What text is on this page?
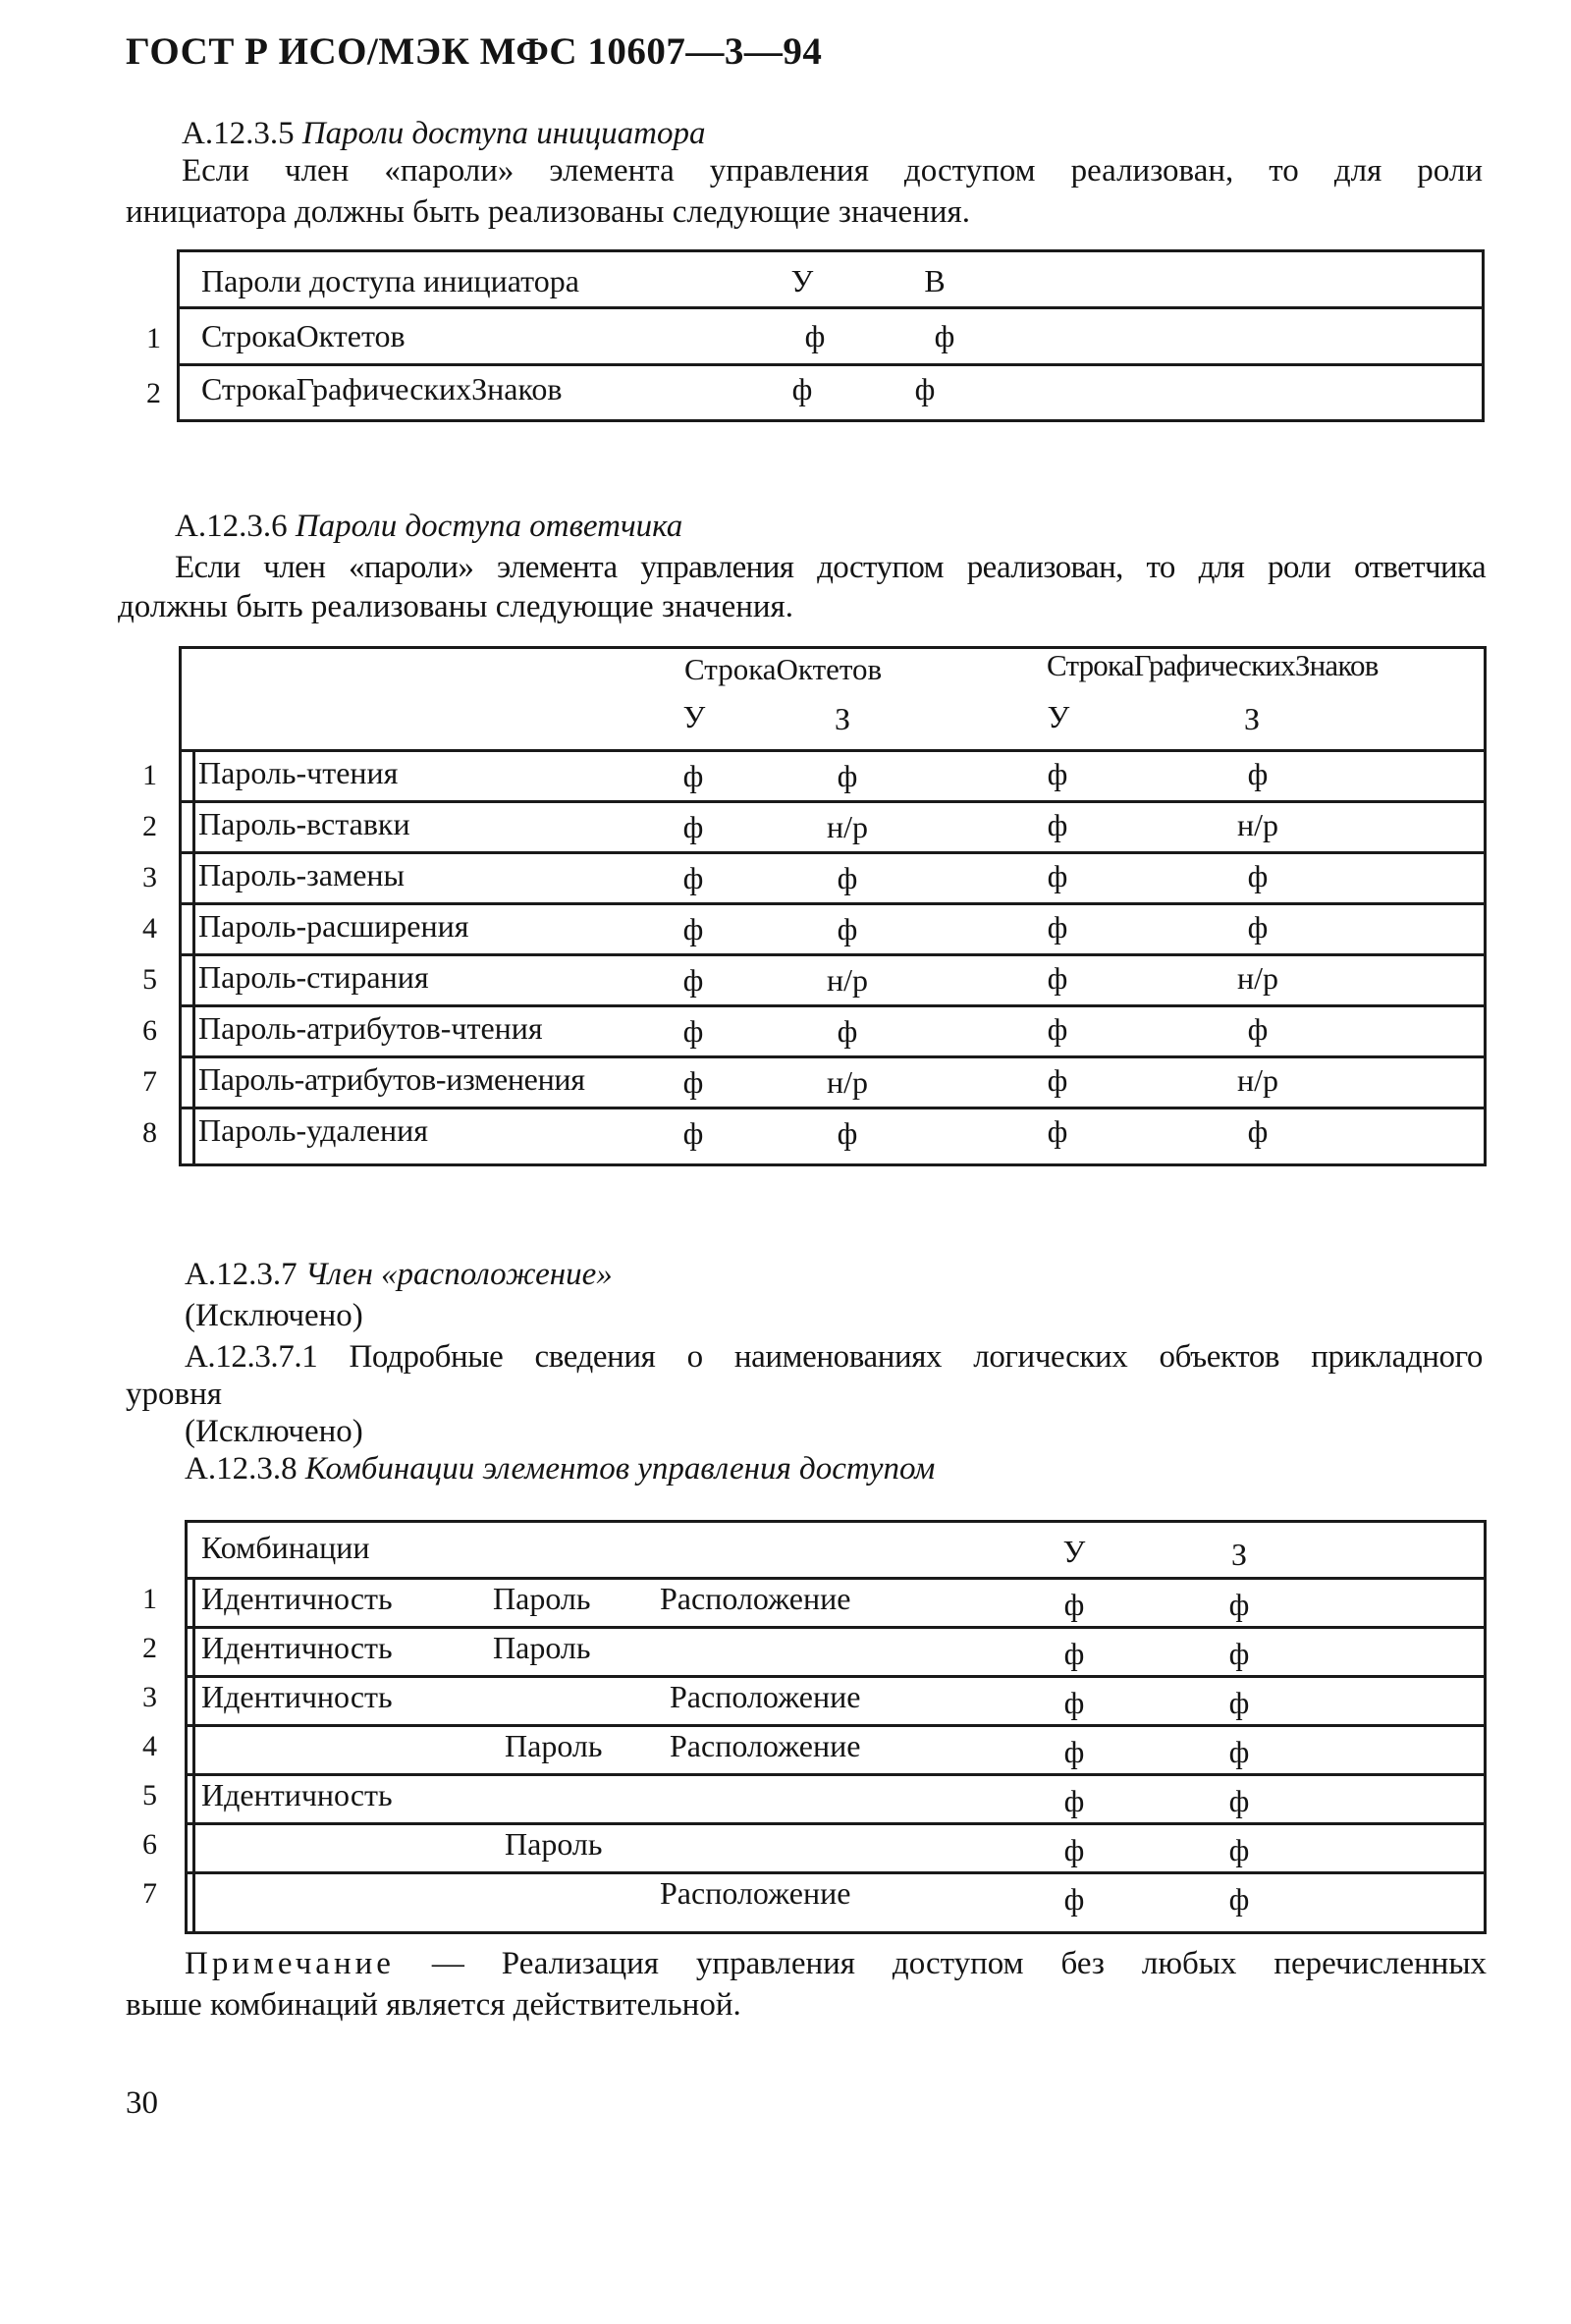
ГОСТ Р ИСО/МЭК МФС 10607—3—94
А.12.3.5 Пароли доступа инициатора
Если член «пароли» элемента управления доступом реализован, то для роли
инициатора должны быть реализованы следующие значения.
Пароли доступа инициатора	У	В
1 СтрокаОктетов	ф	ф
2 СтрокаГрафическихЗнаков	ф	ф
А.12.3.6 Пароли доступа ответчика
Если член «пароли» элемента управления доступом реализован, то для роли ответчика
должны быть реализованы следующие значения.
СтрокаОктетов	СтрокаГрафическихЗнаков
У	З	У	З
1 Пароль-чтения	ф	ф	ф	ф
2 Пароль-вставки	ф	н/р	ф	н/р
3 Пароль-замены	ф	ф	ф	ф
4 Пароль-расширения	ф	ф	ф	ф
5 Пароль-стирания	ф	н/р	ф	н/р
6 Пароль-атрибутов-чтения	ф	ф	ф	ф
7 Пароль-атрибутов-изменения	ф	н/р	ф	н/р
8 Пароль-удаления	ф	ф	ф	ф
А.12.3.7 Член «расположение»
(Исключено)
А.12.3.7.1 Подробные сведения о наименованиях логических объектов прикладного
уровня
(Исключено)
А.12.3.8 Комбинации элементов управления доступом
Комбинации	У	З
1 Идентичность	Пароль Расположение	ф	ф
2 Идентичность	Пароль	ф	ф
3 Идентичность	Расположение	ф	ф
4	Пароль Расположение	ф	ф
5 Идентичность	ф	ф
6	Пароль	ф	ф
7	Расположение	ф	ф
Примечание — Реализация управления доступом без любых перечисленных
выше комбинаций является действительной.
30
